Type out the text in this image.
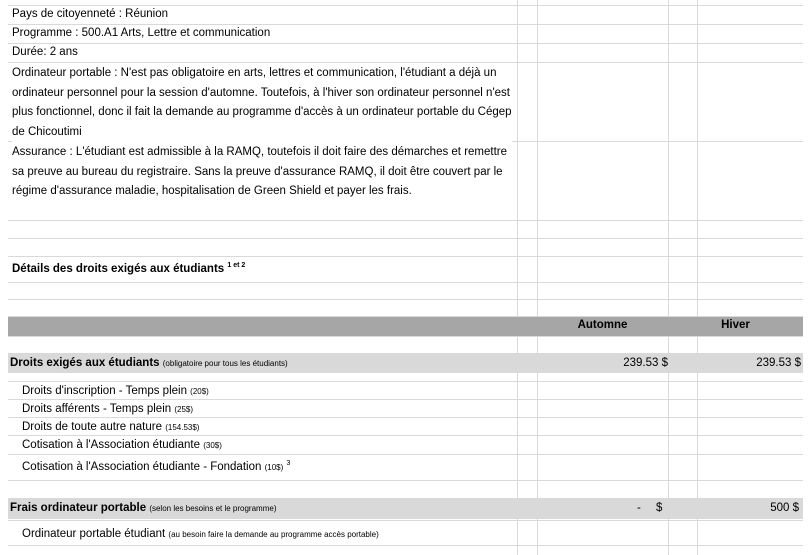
Pays de citoyenneté : Réunion
Programme : 500.A1 Arts, Lettre et communication
Durée: 2 ans
Ordinateur portable : N'est pas obligatoire en arts, lettres et communication, l'étudiant a déjà un ordinateur personnel pour la session d'automne. Toutefois, à l'hiver son ordinateur personnel n'est plus fonctionnel, donc il fait la demande au programme d'accès à un ordinateur portable du Cégep de Chicoutimi
Assurance : L'étudiant est admissible à la RAMQ, toutefois il doit faire des démarches et remettre sa preuve au bureau du registraire. Sans la preuve d'assurance RAMQ, il doit être couvert par le régime d'assurance maladie, hospitalisation de Green Shield et payer les frais.
Détails des droits exigés aux étudiants $^{1 et 2}$
Automne	Hiver
Droits exigés aux étudiants (obligatoire pour tous les étudiants)	239.53 $	239.53 $
Droits d'inscription - Temps plein (20$)
Droits afférents - Temps plein (25$)
Droits de toute autre nature (154.53$)
Cotisation à l'Association étudiante (30$)
Cotisation à l'Association étudiante - Fondation (10$) $^3$
Frais ordinateur portable (selon les besoins et le programme)	- $	500 $
Ordinateur portable étudiant (au besoin faire la demande au programme accès portable)
